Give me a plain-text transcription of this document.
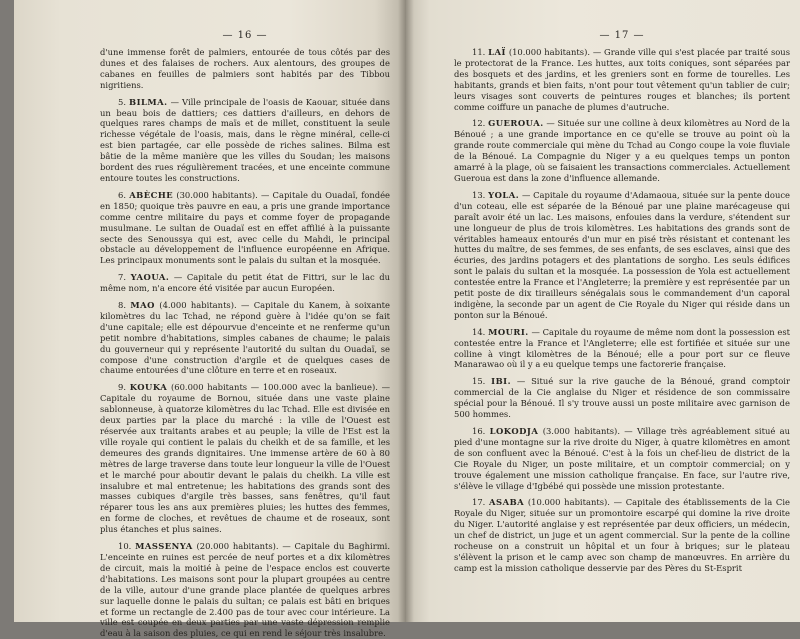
— 16 —

d'une immense forêt de palmiers, entourée de tous côtés par des dunes et des falaises de rochers. Aux alentours, des groupes de cabanes en feuilles de palmiers sont habités par des Tibbou nigritiens.

5. BILMA. — Ville principale de l'oasis de Kaouar, située dans un beau bois de dattiers; ces dattiers d'ailleurs, en dehors de quelques rares champs de maïs et de millet, constituent la seule richesse végétale de l'oasis, mais, dans le règne minéral, celle-ci est bien partagée, car elle possède de riches salines. Bilma est bâtie de la même manière que les villes du Soudan; les maisons bordent des rues régulièrement tracées, et une enceinte commune entoure toutes les constructions.

6. ABÈCHE (30.000 habitants). — Capitale du Ouadaï, fondée en 1850; quoique très pauvre en eau, a pris une grande importance comme centre militaire du pays et comme foyer de propagande musulmane. Le sultan de Ouadaï est en effet affilié à la puissante secte des Senoussya qui est, avec celle du Mahdi, le principal obstacle au développement de l'influence européenne en Afrique. Les principaux monuments sont le palais du sultan et la mosquée.

7. YAOUA. — Capitale du petit état de Fittri, sur le lac du même nom, n'a encore été visitée par aucun Européen.

8. MAO (4.000 habitants). — Capitale du Kanem, à soixante kilomètres du lac Tchad, ne répond guère à l'idée qu'on se fait d'une capitale; elle est dépourvue d'enceinte et ne renferme qu'un petit nombre d'habitations, simples cabanes de chaume; le palais du gouverneur qui y représente l'autorité du sultan du Ouadaï, se compose d'une construction d'argile et de quelques cases de chaume entourées d'une clôture en terre et en roseaux.

9. KOUKA (60.000 habitants — 100.000 avec la banlieue). — Capitale du royaume de Bornou, située dans une vaste plaine sablonneuse, à quatorze kilomètres du lac Tchad. Elle est divisée en deux parties par la place du marché : la ville de l'Ouest est réservée aux traitants arabes et au peuple; la ville de l'Est est la ville royale qui contient le palais du cheikh et de sa famille, et les demeures des grands dignitaires. Une immense artère de 60 à 80 mètres de large traverse dans toute leur longueur la ville de l'Ouest et le marché pour aboutir devant le palais du cheikh. La ville est insalubre et mal entretenue; les habitations des grands sont des masses cubiques d'argile très basses, sans fenêtres, qu'il faut réparer tous les ans aux premières pluies; les huttes des femmes, en forme de cloches, et revêtues de chaume et de roseaux, sont plus étanches et plus saines.

10. MASSENYA (20.000 habitants). — Capitale du Baghirmi. L'enceinte en ruines est percée de neuf portes et a dix kilomètres de circuit, mais la moitié à peine de l'espace enclos est couverte d'habitations. Les maisons sont pour la plupart groupées au centre de la ville, autour d'une grande place plantée de quelques arbres sur laquelle donne le palais du sultan; ce palais est bâti en briques et forme un rectangle de 2.400 pas de tour avec cour intérieure. La ville est coupée en deux parties par une vaste dépression remplie d'eau à la saison des pluies, ce qui en rend le séjour très insalubre.

— 17 —

11. LAÏ (10.000 habitants). — Grande ville qui s'est placée par traité sous le protectorat de la France. Les huttes, aux toits coniques, sont séparées par des bosquets et des jardins, et les greniers sont en forme de tourelles. Les habitants, grands et bien faits, n'ont pour tout vêtement qu'un tablier de cuir; leurs visages sont couverts de peintures rouges et blanches; ils portent comme coiffure un panache de plumes d'autruche.

12. GUEROUA. — Située sur une colline à deux kilomètres au Nord de la Bénoué ; a une grande importance en ce qu'elle se trouve au point où la grande route commerciale qui mène du Tchad au Congo coupe la voie fluviale de la Bénoué. La Compagnie du Niger y a eu quelques temps un ponton amarré à la plage, où se faisaient les transactions commerciales. Actuellement Gueroua est dans la zone d'influence allemande.

13. YOLA. — Capitale du royaume d'Adamaoua, située sur la pente douce d'un coteau, elle est séparée de la Bénoué par une plaine marécageuse qui paraît avoir été un lac. Les maisons, enfouies dans la verdure, s'étendent sur une longueur de plus de trois kilomètres. Les habitations des grands sont de véritables hameaux entourés d'un mur en pisé très résistant et contenant les huttes du maître, de ses femmes, de ses enfants, de ses esclaves, ainsi que des écuries, des jardins potagers et des plantations de sorgho. Les seuls édifices sont le palais du sultan et la mosquée. La possession de Yola est actuellement contestée entre la France et l'Angleterre; la première y est représentée par un petit poste de dix tirailleurs sénégalais sous le commandement d'un caporal indigène, la seconde par un agent de Cie Royale du Niger qui réside dans un ponton sur la Bénoué.

14. MOURI. — Capitale du royaume de même nom dont la possession est contestée entre la France et l'Angleterre; elle est fortifiée et située sur une colline à vingt kilomètres de la Bénoué; elle a pour port sur ce fleuve Manarawao où il y a eu quelque temps une factorerie française.

15. IBI. — Situé sur la rive gauche de la Bénoué, grand comptoir commercial de la Cie anglaise du Niger et résidence de son commissaire spécial pour la Bénoué. Il s'y trouve aussi un poste militaire avec garnison de 500 hommes.

16. LOKODJA (3.000 habitants). — Village très agréablement situé au pied d'une montagne sur la rive droite du Niger, à quatre kilomètres en amont de son confluent avec la Bénoué. C'est à la fois un chef-lieu de district de la Cie Royale du Niger, un poste militaire, et un comptoir commercial; on y trouve également une mission catholique française. En face, sur l'autre rive, s'élève le village d'Igbébé qui possède une mission protestante.

17. ASABA (10.000 habitants). — Capitale des établissements de la Cie Royale du Niger, située sur un promontoire escarpé qui domine la rive droite du Niger. L'autorité anglaise y est représentée par deux officiers, un médecin, un chef de district, un juge et un agent commercial. Sur la pente de la colline rocheuse on a construit un hôpital et un four à briques; sur le plateau s'élèvent la prison et le camp avec son champ de manœuvres. En arrière du camp est la mission catholique desservie par des Pères du St-Esprit
